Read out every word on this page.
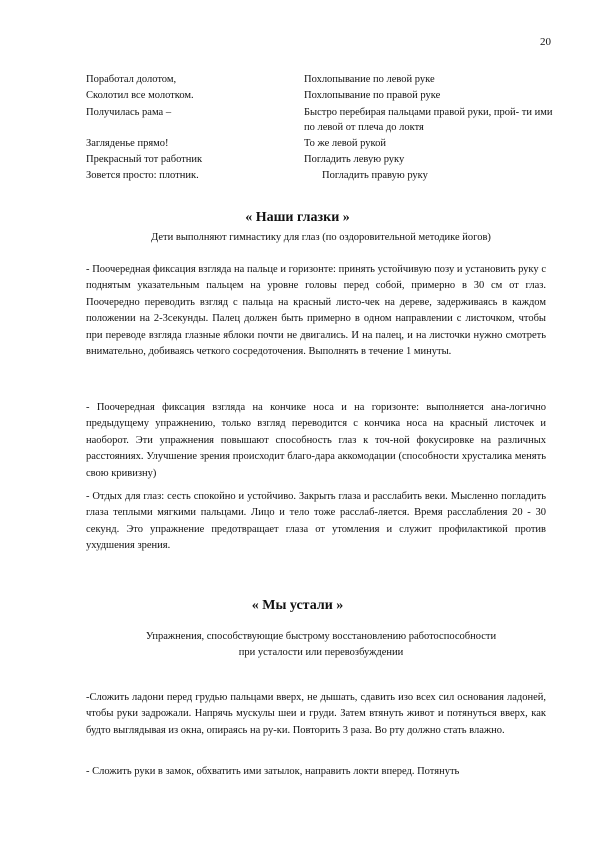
20
Поработал долотом,	Похлопывание по левой руке
Сколотил все молотком.	Похлопывание по правой руке
Получилась рама –	Быстро перебирая пальцами правой руки, прой- ти ими по левой от плеча до локтя
Загляденье прямо!	То же левой рукой
Прекрасный тот работник	Погладить левую руку
Зовется просто: плотник.	Погладить правую руку
« Наши глазки »
Дети выполняют гимнастику для глаз (по оздоровительной методике йогов)
- Поочередная фиксация взгляда на пальце и горизонте: принять устойчивую позу и установить руку с поднятым указательным пальцем на уровне головы перед собой, примерно в 30 см от глаз. Поочередно переводить взгляд с пальца на красный листо-чек на дереве, задерживаясь в каждом положении на 2-3секунды. Палец должен быть примерно в одном направлении с листочком, чтобы при переводе взгляда глазные яблоки почти не двигались. И на палец, и на листочки нужно смотреть внимательно, добиваясь четкого сосредоточения. Выполнять в течение 1 минуты.
- Поочередная фиксация взгляда на кончике носа и на горизонте: выполняется ана-логично предыдущему упражнению, только взгляд переводится с кончика носа на красный листочек и наоборот. Эти упражнения повышают способность глаз к точ-ной фокусировке на различных расстояниях. Улучшение зрения происходит благо-дара аккомодации (способности хрусталика менять свою кривизну)
- Отдых для глаз: сесть спокойно и устойчиво. Закрыть глаза и расслабить веки. Мысленно погладить глаза теплыми мягкими пальцами. Лицо и тело тоже расслаб-ляется. Время расслабления 20 - 30 секунд. Это упражнение предотвращает глаза от утомления и служит профилактикой против ухудшения зрения.
« Мы устали »
Упражнения, способствующие быстрому восстановлению работоспособности
при усталости или перевозбуждении
-Сложить ладони перед грудью пальцами вверх, не дышать, сдавить изо всех сил основания ладоней, чтобы руки задрожали. Напрячь мускулы шеи и груди. Затем втянуть живот и потянуться вверх, как будто выглядывая из окна, опираясь на ру-ки. Повторить 3 раза. Во рту должно стать влажно.
- Сложить руки в замок, обхватить ими затылок, направить локти вперед. Потянуть
